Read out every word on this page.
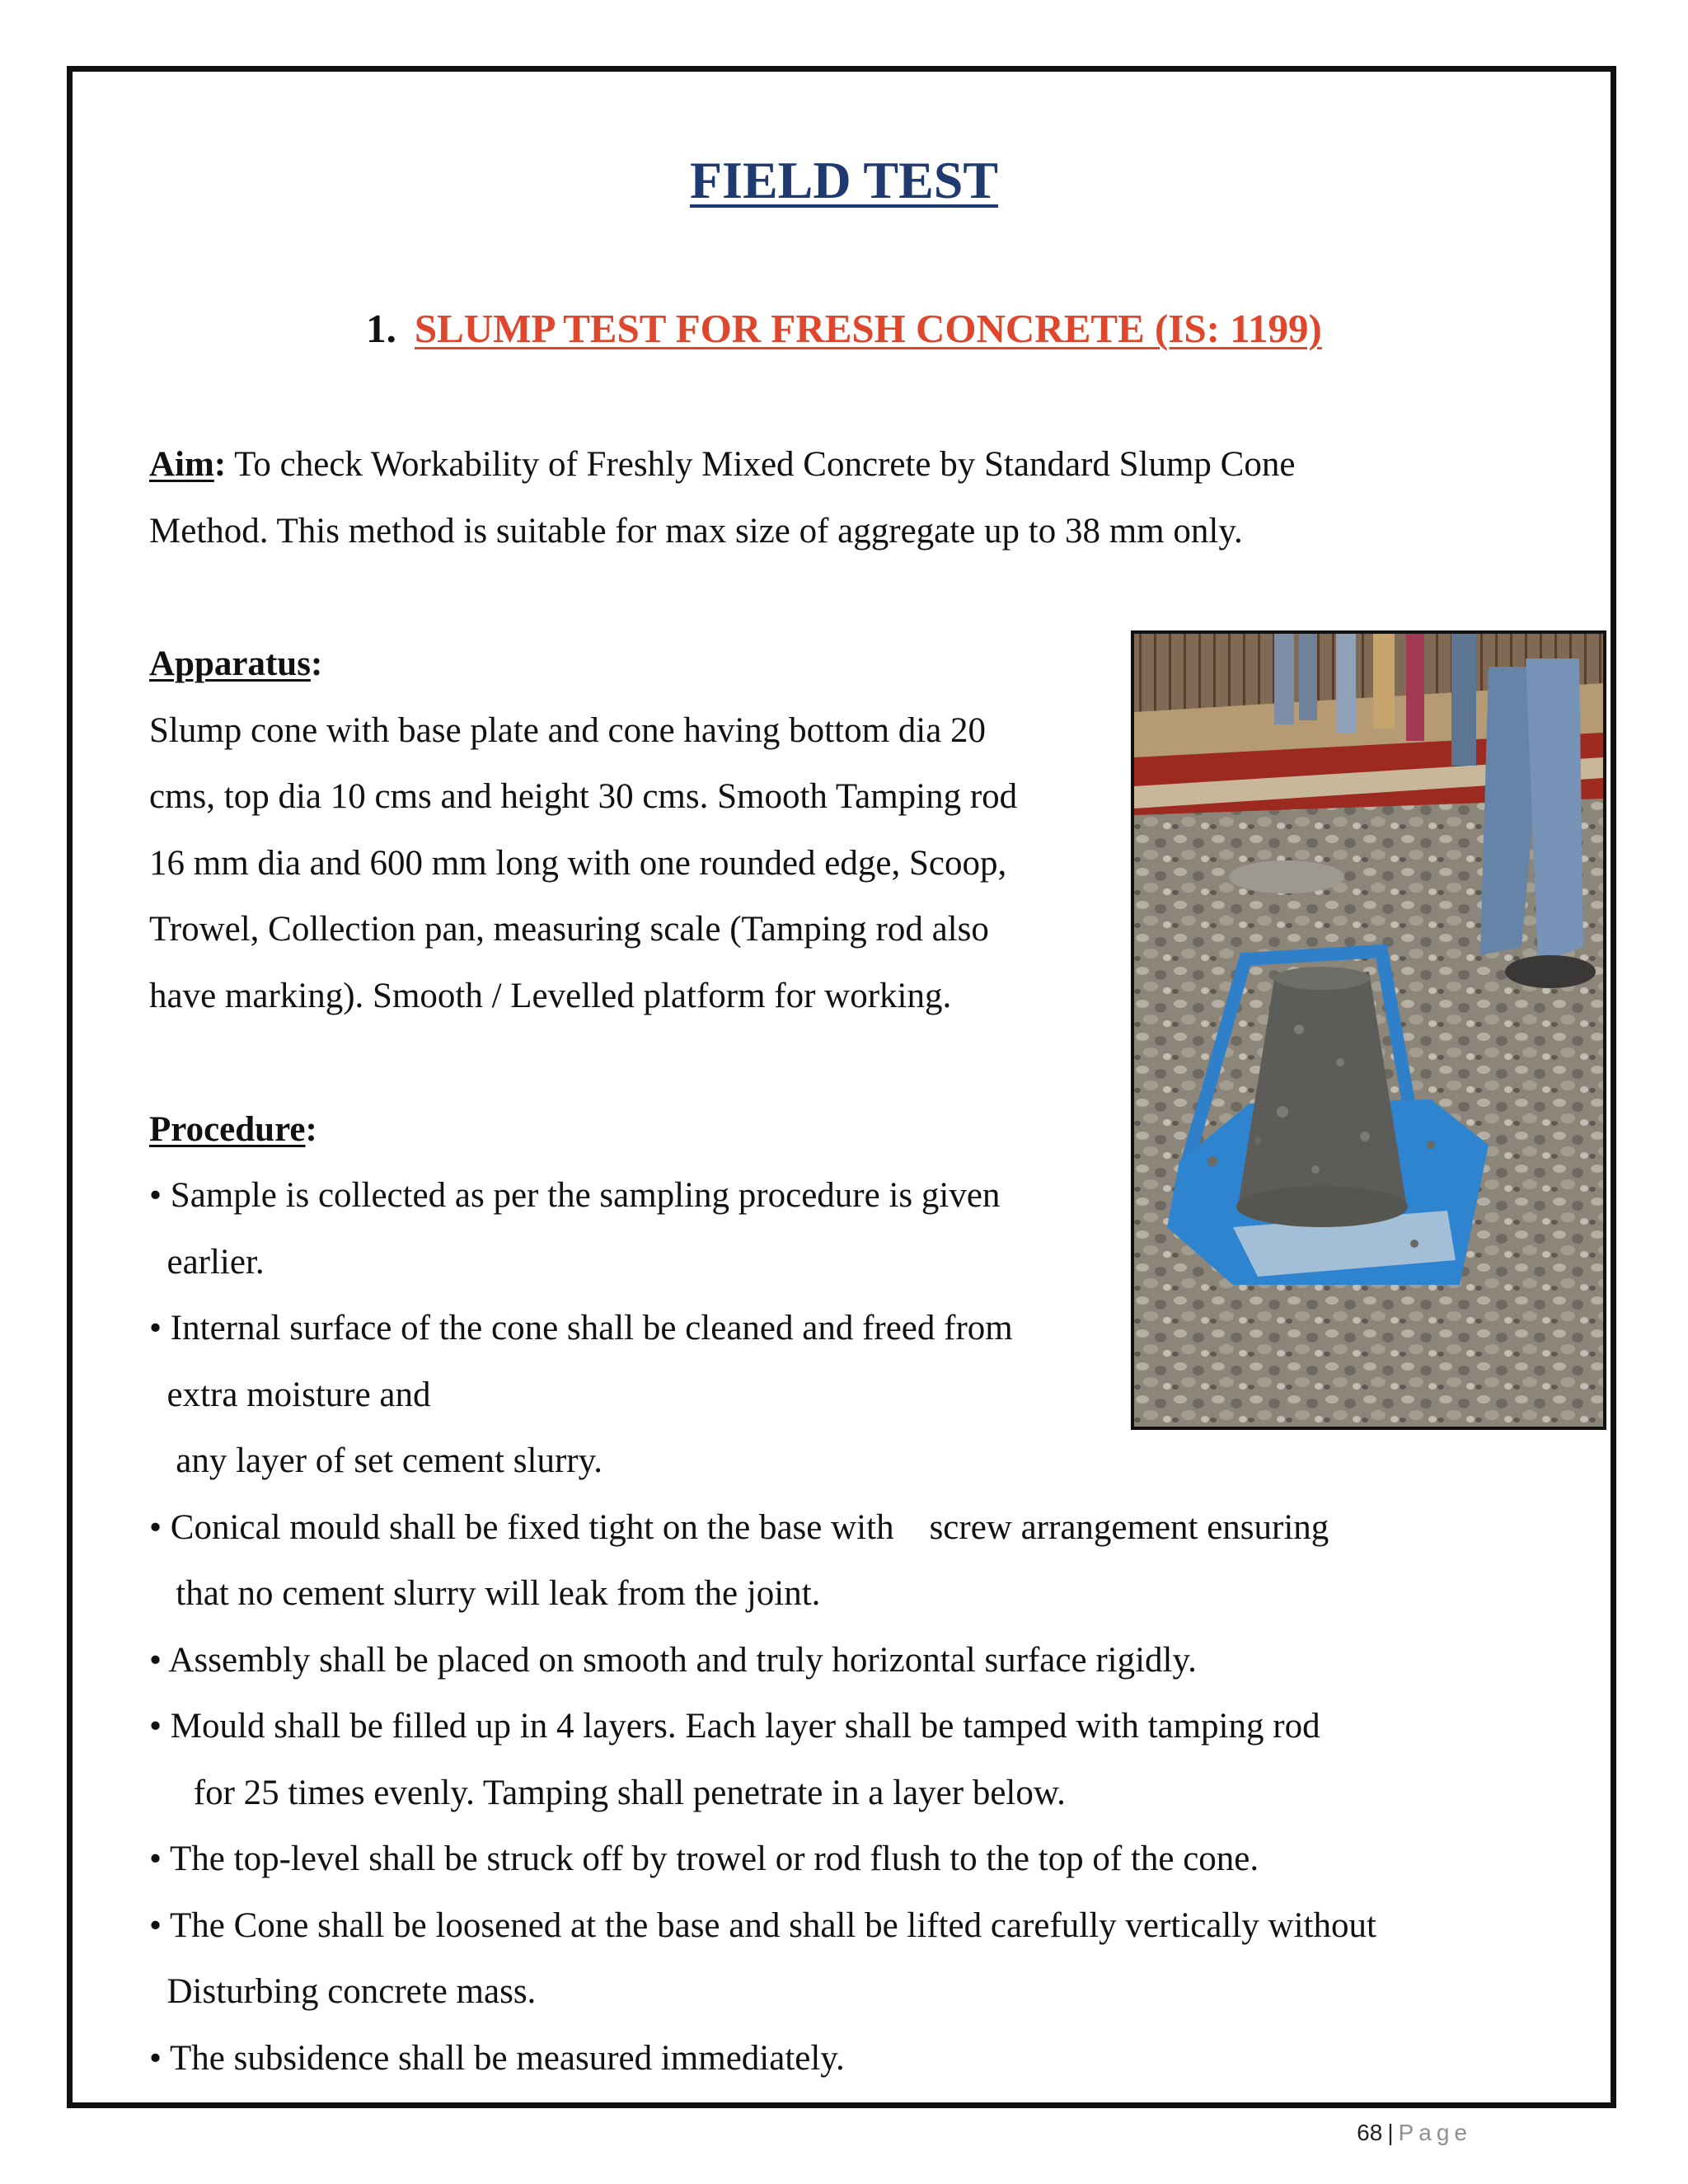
FIELD TEST
1. SLUMP TEST FOR FRESH CONCRETE (IS: 1199)

Aim: To check Workability of Freshly Mixed Concrete by Standard Slump Cone

Method. This method is suitable for max size of aggregate up to 38 mm only.

Apparatus:

Slump cone with base plate and cone having bottom dia 20

cms, top dia 10 cms and height 30 cms. Smooth Tamping rod

16 mm dia and 600 mm long with one rounded edge, Scoop,

Trowel, Collection pan, measuring scale (Tamping rod also

have marking). Smooth / Levelled platform for working.

Procedure:

• Sample is collected as per the sampling procedure is given

earlier.

• Internal surface of the cone shall be cleaned and freed from

extra moisture and

any layer of set cement slurry.

• Conical mould shall be fixed tight on the base with    screw arrangement ensuring

that no cement slurry will leak from the joint.

• Assembly shall be placed on smooth and truly horizontal surface rigidly.

• Mould shall be filled up in 4 layers. Each layer shall be tamped with tamping rod

for 25 times evenly. Tamping shall penetrate in a layer below.

• The top-level shall be struck off by trowel or rod flush to the top of the cone.

• The Cone shall be loosened at the base and shall be lifted carefully vertically without

Disturbing concrete mass.

• The subsidence shall be measured immediately.

68 | Page
